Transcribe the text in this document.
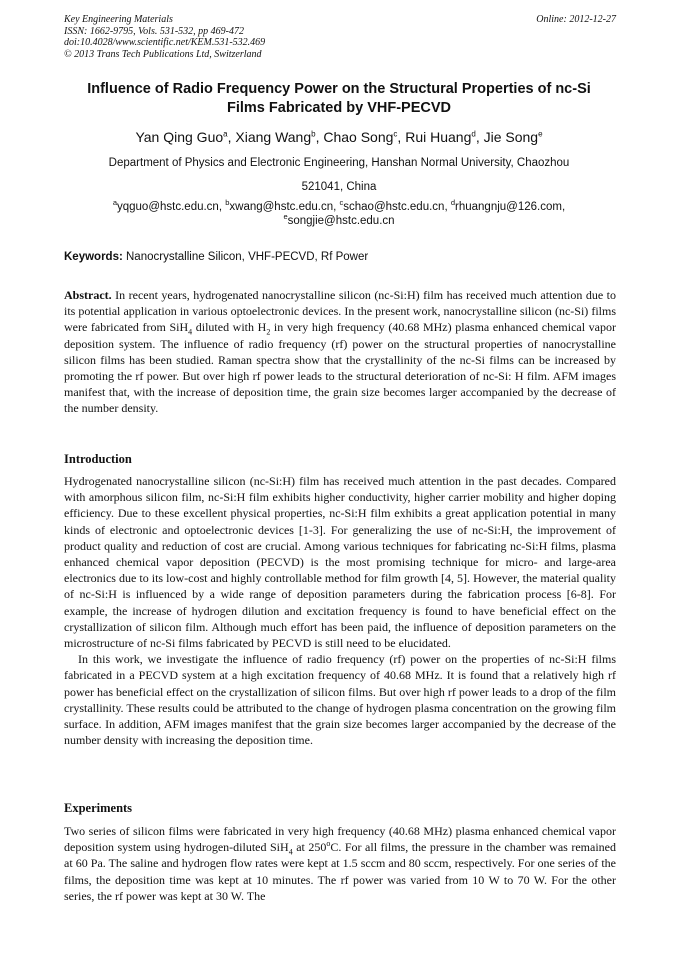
Key Engineering Materials
ISSN: 1662-9795, Vols. 531-532, pp 469-472
doi:10.4028/www.scientific.net/KEM.531-532.469
© 2013 Trans Tech Publications Ltd, Switzerland
Online: 2012-12-27
Influence of Radio Frequency Power on the Structural Properties of nc-Si
Films Fabricated by VHF-PECVD
Yan Qing Guo$^a$, Xiang Wang$^b$, Chao Song$^c$, Rui Huang$^d$, Jie Song$^e$
Department of Physics and Electronic Engineering, Hanshan Normal University, Chaozhou
521041, China
$^a$yqguo@hstc.edu.cn, $^b$xwang@hstc.edu.cn, $^c$schao@hstc.edu.cn, $^d$rhuangnju@126.com,
$^e$songjie@hstc.edu.cn
Keywords: Nanocrystalline Silicon, VHF-PECVD, Rf Power
Abstract. In recent years, hydrogenated nanocrystalline silicon (nc-Si:H) film has received much attention due to its potential application in various optoelectronic devices. In the present work, nanocrystalline silicon (nc-Si) films were fabricated from SiH$_4$ diluted with $H_2$ in very high frequency (40.68 MHz) plasma enhanced chemical vapor deposition system. The influence of radio frequency (rf) power on the structural properties of nanocrystalline silicon films has been studied. Raman spectra show that the crystallinity of the nc-Si films can be increased by promoting the rf power. But over high rf power leads to the structural deterioration of nc-Si: H film. AFM images manifest that, with the increase of deposition time, the grain size becomes larger accompanied by the decrease of the number density.
Introduction
Hydrogenated nanocrystalline silicon (nc-Si:H) film has received much attention in the past decades. Compared with amorphous silicon film, nc-Si:H film exhibits higher conductivity, higher carrier mobility and higher doping efficiency. Due to these excellent physical properties, nc-Si:H film exhibits a great application potential in many kinds of electronic and optoelectronic devices [1-3]. For generalizing the use of nc-Si:H, the improvement of product quality and reduction of cost are crucial. Among various techniques for fabricating nc-Si:H films, plasma enhanced chemical vapor deposition (PECVD) is the most promising technique for micro- and large-area electronics due to its low-cost and highly controllable method for film growth [4, 5]. However, the material quality of nc-Si:H is influenced by a wide range of deposition parameters during the fabrication process [6-8]. For example, the increase of hydrogen dilution and excitation frequency is found to have beneficial effect on the crystallization of silicon film. Although much effort has been paid, the influence of deposition parameters on the microstructure of nc-Si films fabricated by PECVD is still need to be elucidated.
In this work, we investigate the influence of radio frequency (rf) power on the properties of nc-Si:H films fabricated in a PECVD system at a high excitation frequency of 40.68 MHz. It is found that a relatively high rf power has beneficial effect on the crystallization of silicon films. But over high rf power leads to a drop of the film crystallinity. These results could be attributed to the change of hydrogen plasma concentration on the growing film surface. In addition, AFM images manifest that the grain size becomes larger accompanied by the decrease of the number density with increasing the deposition time.
Experiments
Two series of silicon films were fabricated in very high frequency (40.68 MHz) plasma enhanced chemical vapor deposition system using hydrogen-diluted SiH$_4$ at 250$^o$C. For all films, the pressure in the chamber was remained at 60 Pa. The saline and hydrogen flow rates were kept at 1.5 sccm and 80 sccm, respectively. For one series of the films, the deposition time was kept at 10 minutes. The rf power was varied from 10 W to 70 W. For the other series, the rf power was kept at 30 W. The
